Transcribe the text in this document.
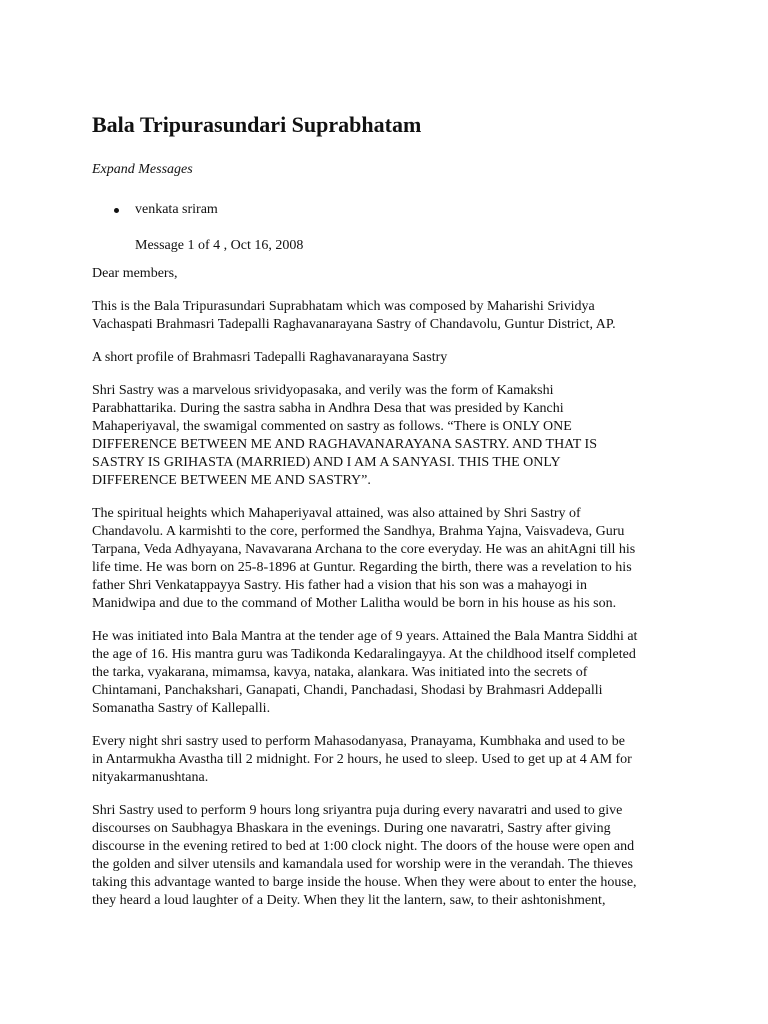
Bala Tripurasundari Suprabhatam
Expand Messages
venkata sriram
Message 1 of 4 , Oct 16, 2008

Dear members,

This is the Bala Tripurasundari Suprabhatam which was composed by Maharishi Srividya
Vachaspati Brahmasri Tadepalli Raghavanarayana Sastry of Chandavolu, Guntur District, AP.

A short profile of Brahmasri Tadepalli Raghavanarayana Sastry

Shri Sastry was a marvelous srividyopasaka, and verily was the form of Kamakshi
Parabhattarika. During the sastra sabha in Andhra Desa that was presided by Kanchi
Mahaperiyaval, the swamigal commented on sastry as follows. “There is ONLY ONE
DIFFERENCE BETWEEN ME AND RAGHAVANARAYANA SASTRY. AND THAT IS
SASTRY IS GRIHASTA (MARRIED) AND I AM A SANYASI. THIS THE ONLY
DIFFERENCE BETWEEN ME AND SASTRY”.

The spiritual heights which Mahaperiyaval attained, was also attained by Shri Sastry of
Chandavolu. A karmishti to the core, performed the Sandhya, Brahma Yajna, Vaisvadeva, Guru
Tarpana, Veda Adhyayana, Navavarana Archana to the core everyday. He was an ahitAgni till his
life time. He was born on 25-8-1896 at Guntur. Regarding the birth, there was a revelation to his
father Shri Venkatappayya Sastry. His father had a vision that his son was a mahayogi in
Manidwipa and due to the command of Mother Lalitha would be born in his house as his son.

He was initiated into Bala Mantra at the tender age of 9 years. Attained the Bala Mantra Siddhi at
the age of 16. His mantra guru was Tadikonda Kedaralingayya. At the childhood itself completed
the tarka, vyakarana, mimamsa, kavya, nataka, alankara. Was initiated into the secrets of
Chintamani, Panchakshari, Ganapati, Chandi, Panchadasi, Shodasi by Brahmasri Addepalli
Somanatha Sastry of Kallepalli.

Every night shri sastry used to perform Mahasodanyasa, Pranayama, Kumbhaka and used to be
in Antarmukha Avastha till 2 midnight. For 2 hours, he used to sleep. Used to get up at 4 AM for
nityakarmanushtana.

Shri Sastry used to perform 9 hours long sriyantra puja during every navaratri and used to give
discourses on Saubhagya Bhaskara in the evenings. During one navaratri, Sastry after giving
discourse in the evening retired to bed at 1:00 clock night. The doors of the house were open and
the golden and silver utensils and kamandala used for worship were in the verandah. The thieves
taking this advantage wanted to barge inside the house. When they were about to enter the house,
they heard a loud laughter of a Deity. When they lit the lantern, saw, to their ashtonishment,
